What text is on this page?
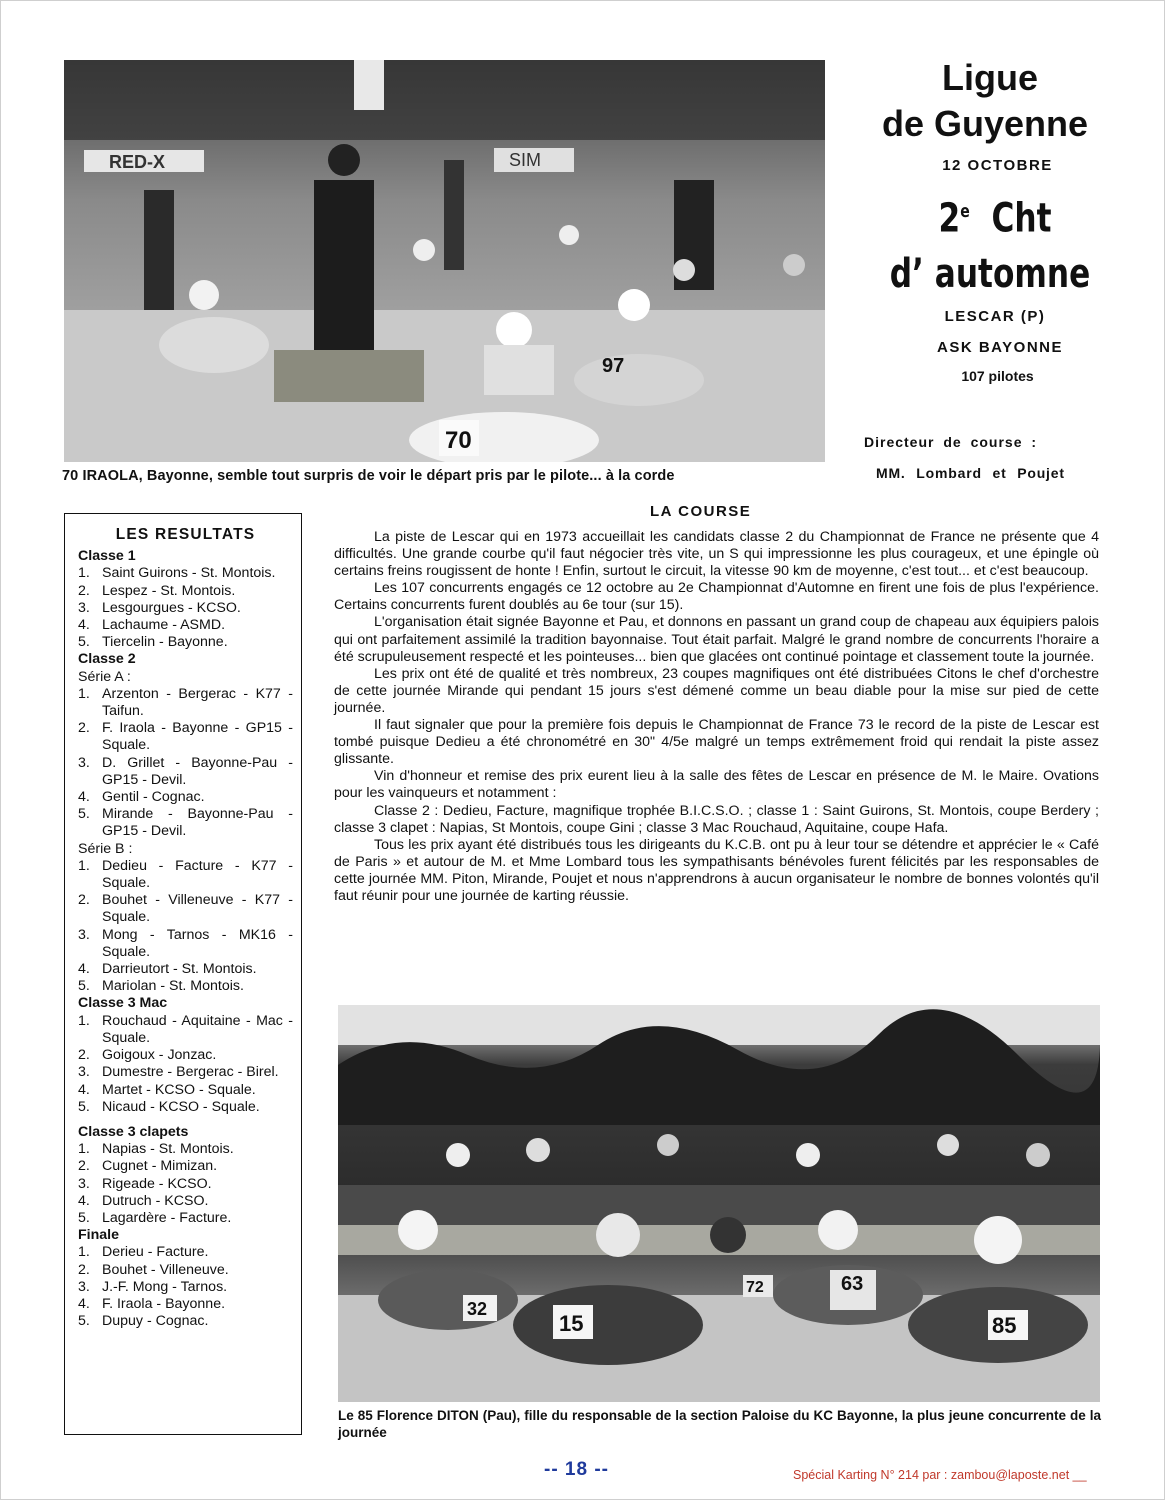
RED-X	SIM
70
97
70 IRAOLA, Bayonne, semble tout surpris de voir le départ pris par le pilote... à la corde
Ligue
de Guyenne
12 OCTOBRE
2e Cht
d’ automne
LESCAR (P)
ASK BAYONNE
107 pilotes
Directeur de course :
MM. Lombard et Poujet
LES RESULTATS
Classe 1
1. Saint Guirons - St. Montois.
2. Lespez - St. Montois.
3. Lesgourgues - KCSO.
4. Lachaume - ASMD.
5. Tiercelin - Bayonne.
Classe 2
Série A :
1. Arzenton - Bergerac - K77 - Taifun.
2. F. Iraola - Bayonne - GP15 - Squale.
3. D. Grillet - Bayonne-Pau - GP15 - Devil.
4. Gentil - Cognac.
5. Mirande - Bayonne-Pau - GP15 - Devil.
Série B :
1. Dedieu - Facture - K77 - Squale.
2. Bouhet - Villeneuve - K77 -Squale.
3. Mong - Tarnos - MK16 - Squale.
4. Darrieutort - St. Montois.
5. Mariolan - St. Montois.
Classe 3 Mac
1. Rouchaud - Aquitaine - Mac - Squale.
2. Goigoux - Jonzac.
3. Dumestre - Bergerac - Birel.
4. Martet - KCSO - Squale.
5. Nicaud - KCSO - Squale.
Classe 3 clapets
1. Napias - St. Montois.
2. Cugnet - Mimizan.
3. Rigeade - KCSO.
4. Dutruch - KCSO.
5. Lagardère - Facture.
Finale
1. Derieu - Facture.
2. Bouhet - Villeneuve.
3. J.-F. Mong - Tarnos.
4. F. Iraola - Bayonne.
5. Dupuy - Cognac.
LA COURSE

La piste de Lescar qui en 1973 accueillait les candidats classe 2 du Championnat de France ne présente que 4 difficultés. Une grande courbe qu'il faut négocier très vite, un S qui impressionne les plus courageux, et une épingle où certains freins rougissent de honte ! Enfin, surtout le circuit, la vitesse 90 km de moyenne, c'est tout... et c'est beaucoup.

Les 107 concurrents engagés ce 12 octobre au 2e Championnat d'Automne en firent une fois de plus l'expérience. Certains concurrents furent doublés au 6e tour (sur 15).

L'organisation était signée Bayonne et Pau, et donnons en passant un grand coup de chapeau aux équipiers palois qui ont parfaitement assimilé la tradition bayonnaise. Tout était parfait. Malgré le grand nombre de concurrents l'horaire a été scrupuleusement respecté et les pointeuses... bien que glacées ont continué pointage et classement toute la journée.

Les prix ont été de qualité et très nombreux, 23 coupes magnifiques ont été distribuées Citons le chef d'orchestre de cette journée Mirande qui pendant 15 jours s'est démené comme un beau diable pour la mise sur pied de cette journée.

Il faut signaler que pour la première fois depuis le Championnat de France 73 le record de la piste de Lescar est tombé puisque Dedieu a été chronométré en 30" 4/5e malgré un temps extrêmement froid qui rendait la piste assez glissante.

Vin d'honneur et remise des prix eurent lieu à la salle des fêtes de Lescar en présence de M. le Maire. Ovations pour les vainqueurs et notamment :

Classe 2 : Dedieu, Facture, magnifique trophée B.I.C.S.O. ; classe 1 : Saint Guirons, St. Montois, coupe Berdery ; classe 3 clapet : Napias, St Montois, coupe Gini ; classe 3 Mac Rouchaud, Aquitaine, coupe Hafa.

Tous les prix ayant été distribués tous les dirigeants du K.C.B. ont pu à leur tour se détendre et apprécier le « Café de Paris » et autour de M. et Mme Lombard tous les sympathisants bénévoles furent félicités par les responsables de cette journée MM. Piton, Mirande, Poujet et nous n'apprendrons à aucun organisateur le nombre de bonnes volontés qu'il faut réunir pour une journée de karting réussie.

32
15
72	63
85
Le 85 Florence DITON (Pau), fille du responsable de la section Paloise du KC Bayonne, la plus jeune concurrente de la journée
-- 18 --	Spécial Karting N° 214 par : zambou@laposte.net __
